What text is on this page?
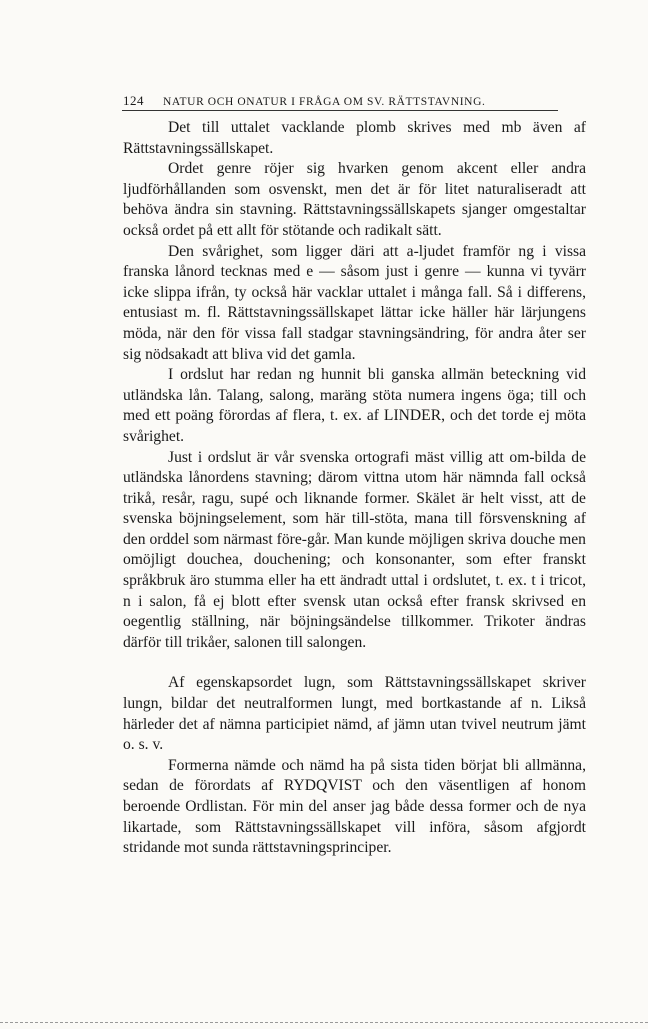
124	NATUR OCH ONATUR I FRÅGA OM SV. RÄTTSTAVNING.

Det till uttalet vacklande plomb skrives med mb även af Rättstavningssällskapet.

Ordet genre röjer sig hvarken genom akcent eller andra ljudförhållanden som osvenskt, men det är för litet naturaliseradt att behöva ändra sin stavning. Rättstavningssällskapets sjanger omgestaltar också ordet på ett allt för stötande och radikalt sätt.

Den svårighet, som ligger däri att a-ljudet framför ng i vissa franska lånord tecknas med e — såsom just i genre — kunna vi tyvärr icke slippa ifrån, ty också här vacklar uttalet i många fall. Så i differens, entusiast m. fl. Rättstavningssällskapet lättar icke häller här lärjungens möda, när den för vissa fall stadgar stavningsändring, för andra åter ser sig nödsakadt att bliva vid det gamla.

I ordslut har redan ng hunnit bli ganska allmän beteckning vid utländska lån. Talang, salong, maräng stöta numera ingens öga; till och med ett poäng förordas af flera, t. ex. af LINDER, och det torde ej möta svårighet.

Just i ordslut är vår svenska ortografi mäst villig att om-bilda de utländska lånordens stavning; därom vittna utom här nämnda fall också trikå, resår, ragu, supé och liknande former. Skälet är helt visst, att de svenska böjningselement, som här till-stöta, mana till försvenskning af den orddel som närmast före-går. Man kunde möjligen skriva douche men omöjligt douchea, douchening; och konsonanter, som efter franskt språkbruk äro stumma eller ha ett ändradt uttal i ordslutet, t. ex. t i tricot, n i salon, få ej blott efter svensk utan också efter fransk skrivsed en oegentlig ställning, när böjningsändelse tillkommer. Trikoter ändras därför till trikåer, salonen till salongen.

Af egenskapsordet lugn, som Rättstavningssällskapet skriver lungn, bildar det neutralformen lungt, med bortkastande af n. Likså härleder det af nämna participiet nämd, af jämn utan tvivel neutrum jämt o. s. v.

Formerna nämde och nämd ha på sista tiden börjat bli allmänna, sedan de förordats af RYDQVIST och den väsentligen af honom beroende Ordlistan. För min del anser jag både dessa former och de nya likartade, som Rättstavningssällskapet vill införa, såsom afgjordt stridande mot sunda rättstavningsprinciper.
